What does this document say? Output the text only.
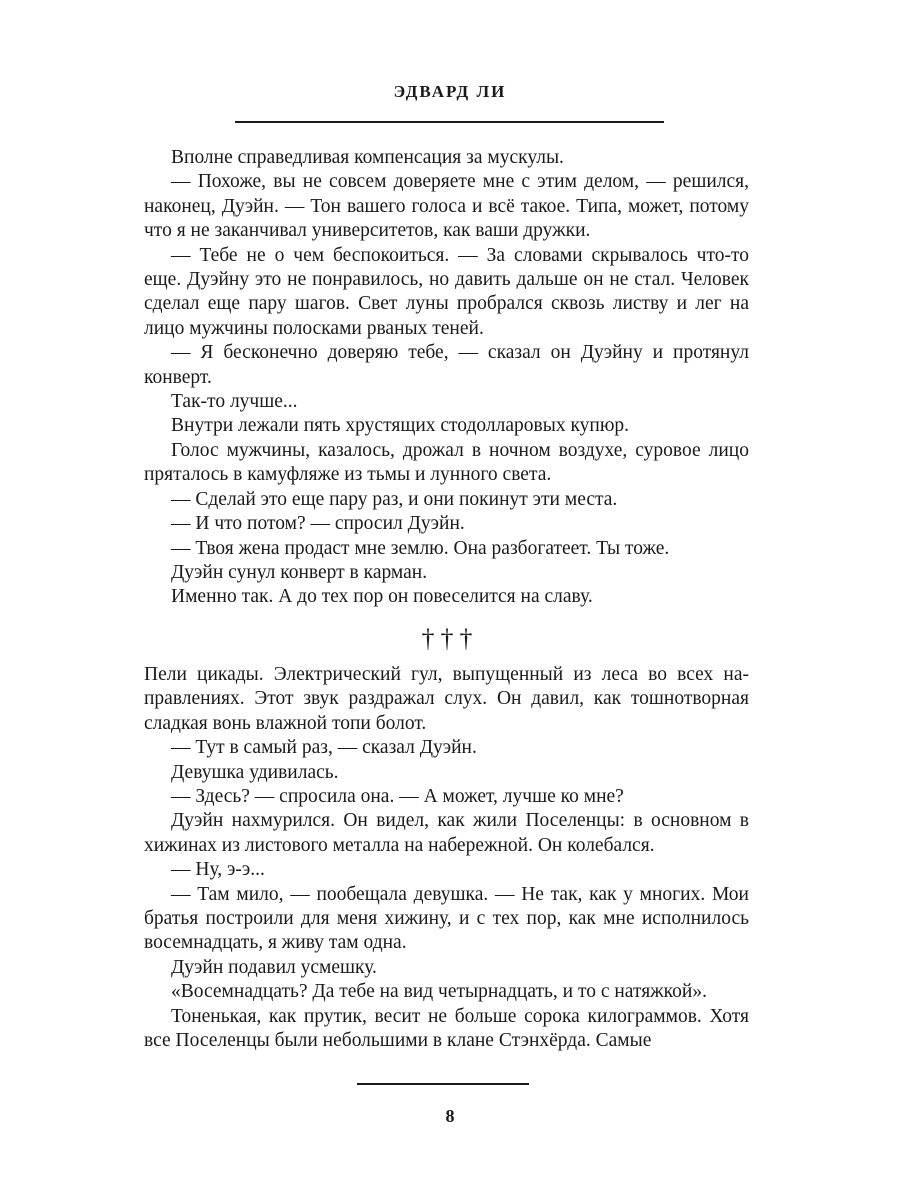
ЭДВАРД ЛИ

Вполне справедливая компенсация за мускулы.

— Похоже, вы не совсем доверяете мне с этим делом, — решился, наконец, Дуэйн. — Тон вашего голоса и всё такое. Типа, может, потому что я не заканчивал университетов, как ваши дружки.

— Тебе не о чем беспокоиться. — За словами скрывалось что-то еще. Дуэйну это не понравилось, но давить дальше он не стал. Человек сделал еще пару шагов. Свет луны пробрался сквозь листву и лег на лицо мужчины полосками рваных теней.

— Я бесконечно доверяю тебе, — сказал он Дуэйну и протянул конверт.

Так-то лучше...

Внутри лежали пять хрустящих стодолларовых купюр.

Голос мужчины, казалось, дрожал в ночном воздухе, суровое лицо пряталось в камуфляже из тьмы и лунного света.

— Сделай это еще пару раз, и они покинут эти места.

— И что потом? — спросил Дуэйн.

— Твоя жена продаст мне землю. Она разбогатеет. Ты тоже.

Дуэйн сунул конверт в карман.

Именно так. А до тех пор он повеселится на славу.

†††

Пели цикады. Электрический гул, выпущенный из леса во всех направлениях. Этот звук раздражал слух. Он давил, как тошнотворная сладкая вонь влажной топи болот.

— Тут в самый раз, — сказал Дуэйн.

Девушка удивилась.

— Здесь? — спросила она. — А может, лучше ко мне?

Дуэйн нахмурился. Он видел, как жили Поселенцы: в основном в хижинах из листового металла на набережной. Он колебался.

— Ну, э-э...

— Там мило, — пообещала девушка. — Не так, как у многих. Мои братья построили для меня хижину, и с тех пор, как мне исполнилось восемнадцать, я живу там одна.

Дуэйн подавил усмешку.

«Восемнадцать? Да тебе на вид четырнадцать, и то с натяжкой».

Тоненькая, как прутик, весит не больше сорока килограммов. Хотя все Поселенцы были небольшими в клане Стэнхёрда. Самые

8
